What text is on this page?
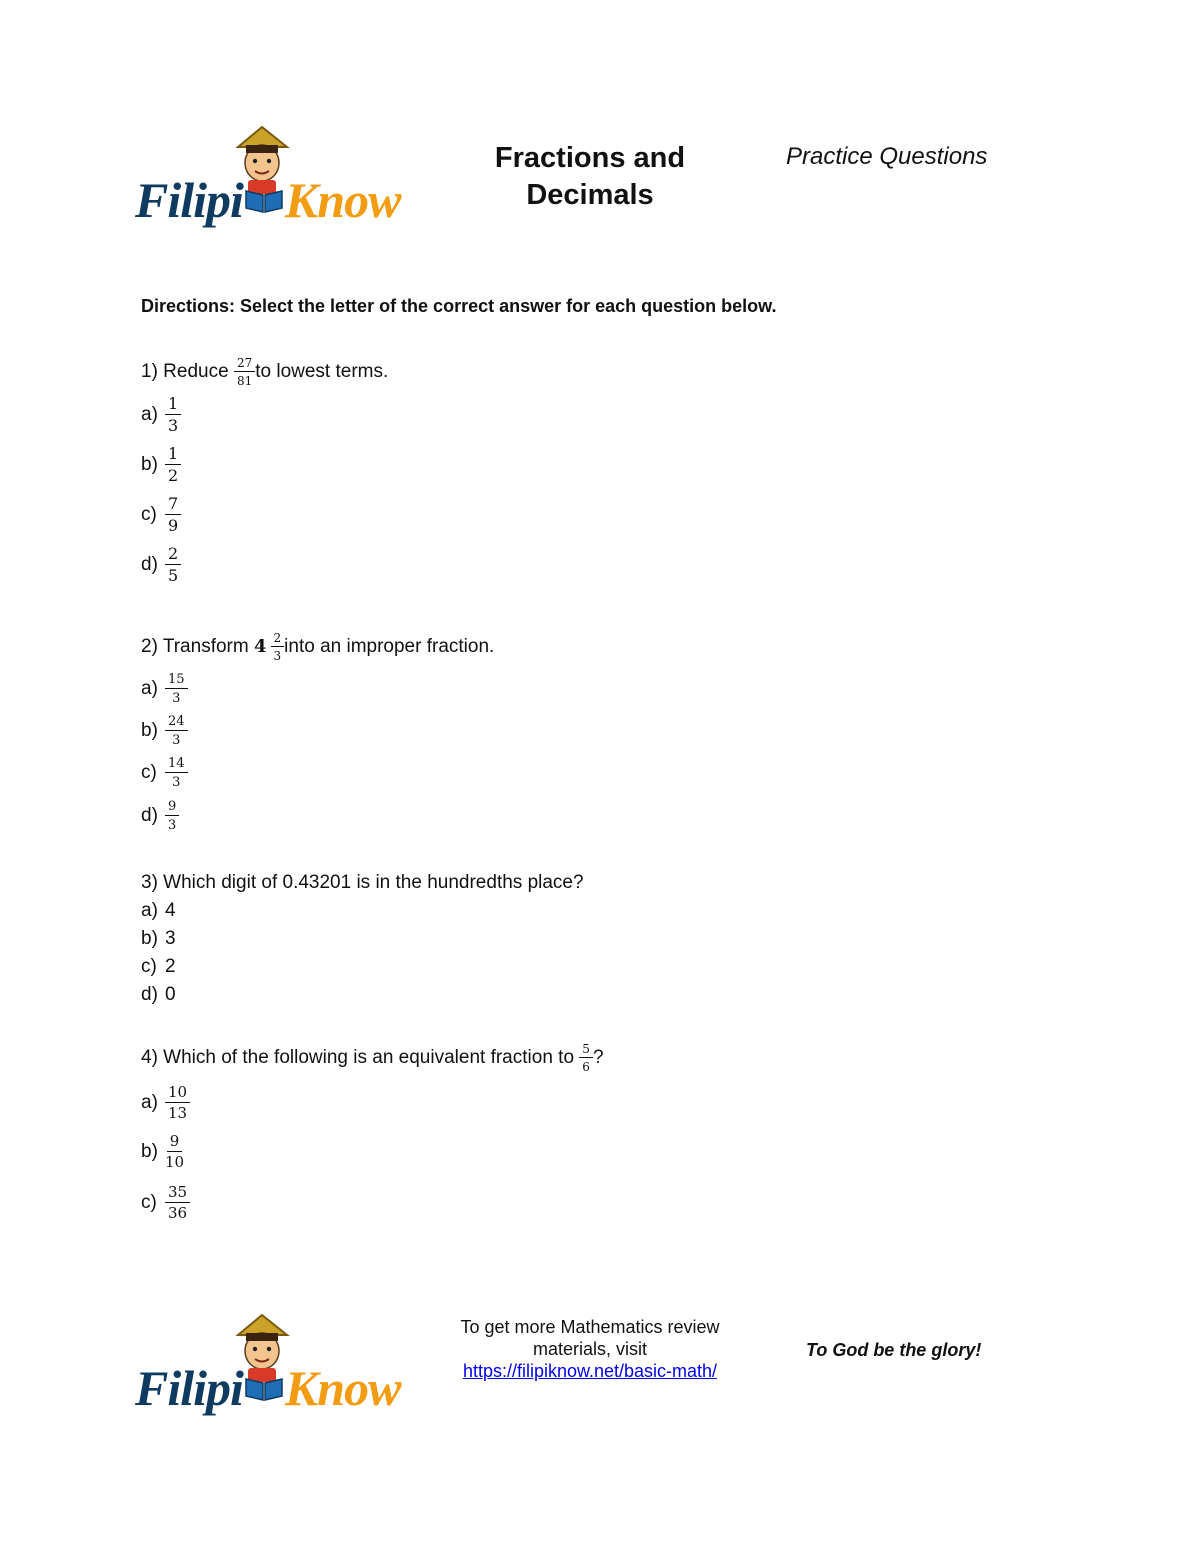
Filipi Know
Fractions and
Decimals
Practice Questions
Directions: Select the letter of the correct answer for each question below.
1) Reduce $\frac{27}{81}$ to lowest terms.
$a) \frac{1}{3}$
$b) \frac{1}{2}$
$c) \frac{7}{9}$
$d) \frac{2}{5}$
2) Transform $4 \frac{2}{3}$ into an improper fraction.
$a) \frac{15}{3}$
$b) \frac{24}{3}$
$c) \frac{14}{3}$
$d) \frac{9}{3}$
3) Which digit of 0.43201 is in the hundredths place?
a) 4
b) 3
c) 2
d) 0
4) Which of the following is an equivalent fraction to $\frac{5}{6}$ ?
$a) \frac{10}{13}$
$b) \frac{9}{10}$
$c) \frac{35}{36}$
Filipi Know
To get more Mathematics review
materials, visit
https://filipiknow.net/basic-math/
To God be the glory!
